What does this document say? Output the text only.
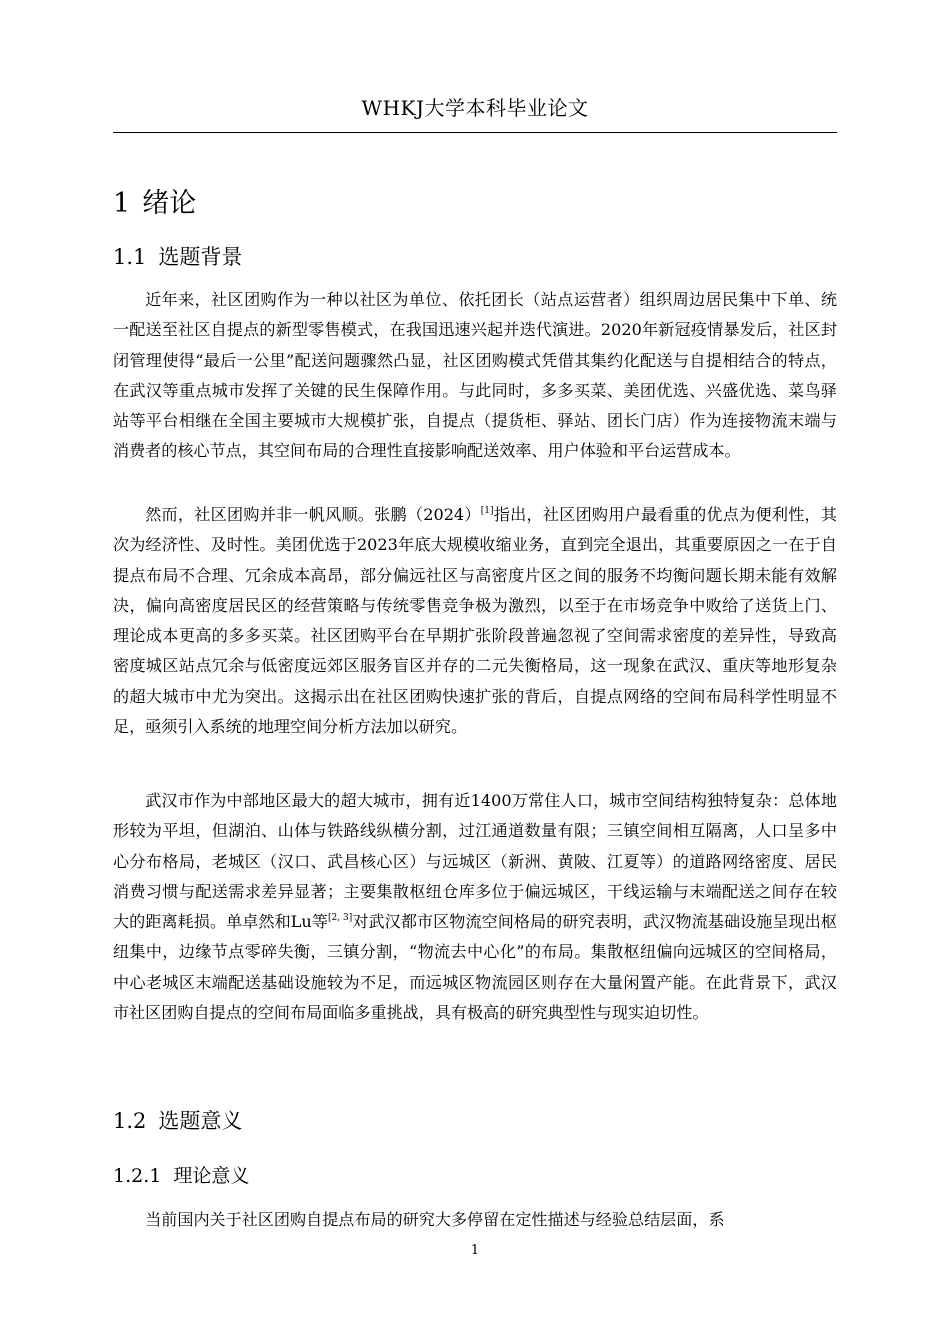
WHKJ大学本科毕业论文
1 绪论
1.1 选题背景

近年来，社区团购作为一种以社区为单位、依托团长（站点运营者）组织周边居民集中下单、统一配送至社区自提点的新型零售模式，在我国迅速兴起并迭代演进。2020年新冠疫情暴发后，社区封闭管理使得“最后一公里”配送问题骤然凸显，社区团购模式凭借其集约化配送与自提相结合的特点，在武汉等重点城市发挥了关键的民生保障作用。与此同时，多多买菜、美团优选、兴盛优选、菜鸟驿站等平台相继在全国主要城市大规模扩张，自提点（提货柜、驿站、团长门店）作为连接物流末端与消费者的核心节点，其空间布局的合理性直接影响配送效率、用户体验和平台运营成本。

然而，社区团购并非一帆风顺。张鹏（2024）[1]指出，社区团购用户最看重的优点为便利性，其次为经济性、及时性。美团优选于2023年底大规模收缩业务，直到完全退出，其重要原因之一在于自提点布局不合理、冗余成本高昂，部分偏远社区与高密度片区之间的服务不均衡问题长期未能有效解决，偏向高密度居民区的经营策略与传统零售竞争极为激烈，以至于在市场竞争中败给了送货上门、理论成本更高的多多买菜。社区团购平台在早期扩张阶段普遍忽视了空间需求密度的差异性，导致高密度城区站点冗余与低密度远郊区服务盲区并存的二元失衡格局，这一现象在武汉、重庆等地形复杂的超大城市中尤为突出。这揭示出在社区团购快速扩张的背后，自提点网络的空间布局科学性明显不足，亟须引入系统的地理空间分析方法加以研究。

武汉市作为中部地区最大的超大城市，拥有近1400万常住人口，城市空间结构独特复杂：总体地形较为平坦，但湖泊、山体与铁路线纵横分割，过江通道数量有限；三镇空间相互隔离，人口呈多中心分布格局，老城区（汉口、武昌核心区）与远城区（新洲、黄陂、江夏等）的道路网络密度、居民消费习惯与配送需求差异显著；主要集散枢纽仓库多位于偏远城区，干线运输与末端配送之间存在较大的距离耗损。单卓然和Lu等[2, 3]对武汉都市区物流空间格局的研究表明，武汉物流基础设施呈现出枢纽集中，边缘节点零碎失衡，三镇分割，“物流去中心化”的布局。集散枢纽偏向远城区的空间格局，中心老城区末端配送基础设施较为不足，而远城区物流园区则存在大量闲置产能。在此背景下，武汉市社区团购自提点的空间布局面临多重挑战，具有极高的研究典型性与现实迫切性。

1.2 选题意义
1.2.1 理论意义

当前国内关于社区团购自提点布局的研究大多停留在定性描述与经验总结层面，系

1
